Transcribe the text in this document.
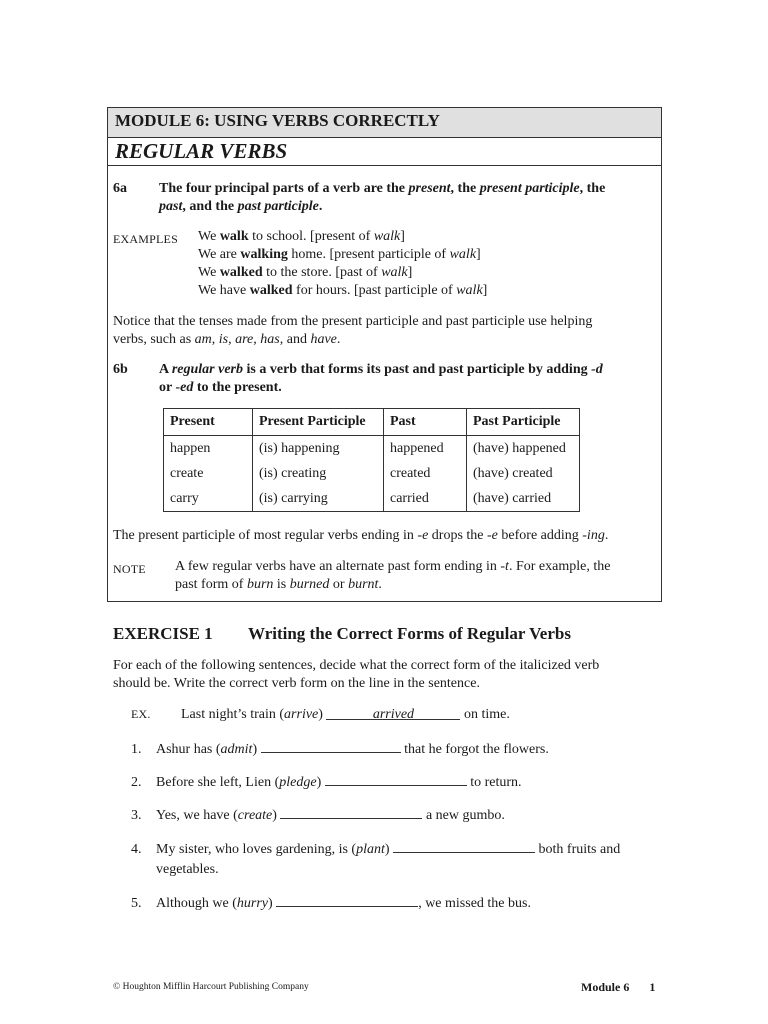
MODULE 6: USING VERBS CORRECTLY
REGULAR VERBS
6a The four principal parts of a verb are the present, the present participle, the
past, and the past participle.
EXAMPLES We walk to school. [present of walk]
We are walking home. [present participle of walk]
We walked to the store. [past of walk]
We have walked for hours. [past participle of walk]
Notice that the tenses made from the present participle and past participle use helping
verbs, such as am, is, are, has, and have.
6b A regular verb is a verb that forms its past and past participle by adding -d
or -ed to the present.
Present	Present Participle	Past	Past Participle
happen	(is) happening	happened	(have) happened
create	(is) creating	created	(have) created
carry	(is) carrying	carried	(have) carried
The present participle of most regular verbs ending in -e drops the -e before adding -ing.
NOTE A few regular verbs have an alternate past form ending in -t. For example, the
past form of burn is burned or burnt.
EXERCISE 1 Writing the Correct Forms of Regular Verbs
For each of the following sentences, decide what the correct form of the italicized verb
should be. Write the correct verb form on the line in the sentence.
EX. Last night’s train (arrive)	arrived	on time.
1. Ashur has (admit)	that he forgot the flowers.
2. Before she left, Lien (pledge)	to return.
3. Yes, we have (create)	a new gumbo.
4. My sister, who loves gardening, is (plant)	both fruits and
vegetables.
5. Although we (hurry)	, we missed the bus.
© Houghton Mifflin Harcourt Publishing Company	Module 6 1
